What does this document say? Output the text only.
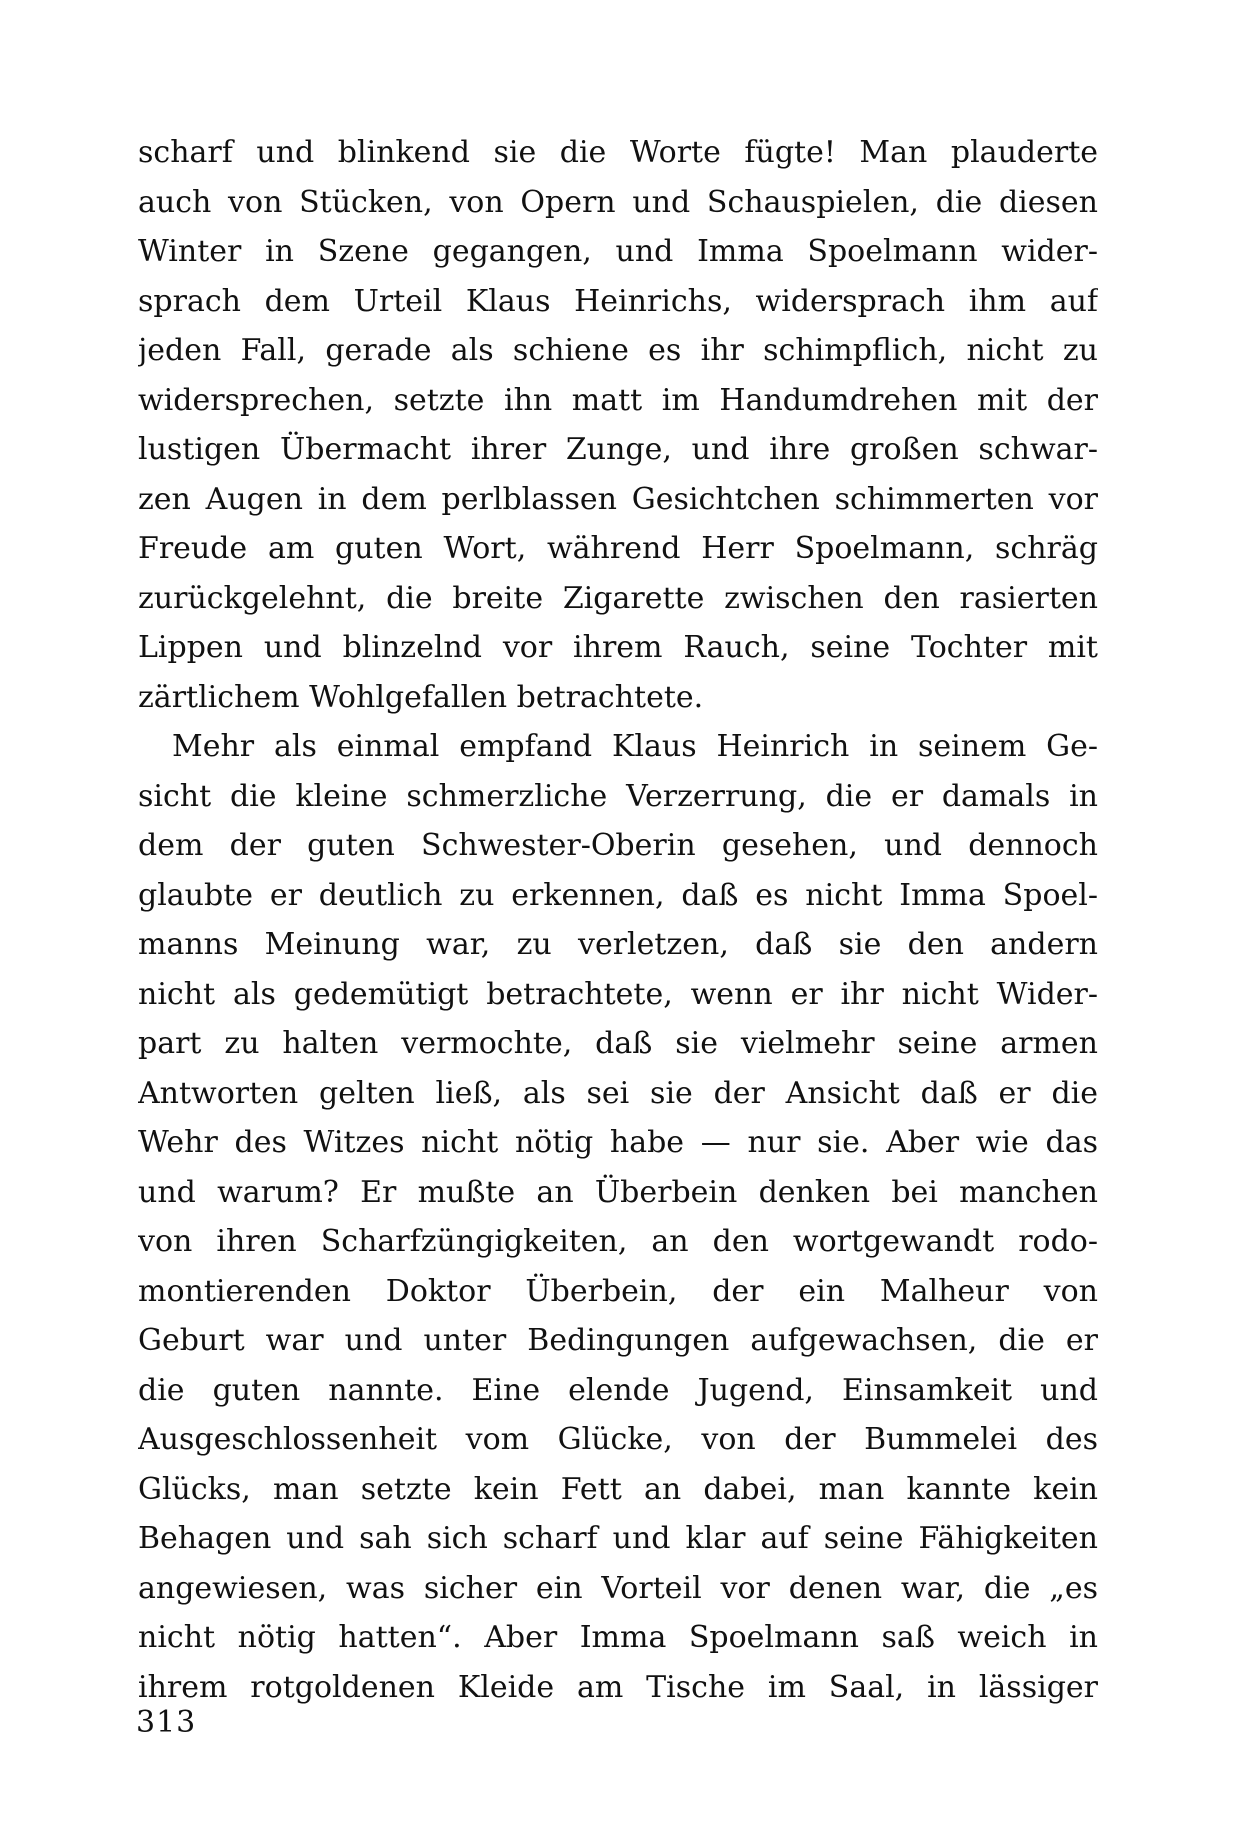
scharf und blinkend sie die Worte fügte! Man plauderte
auch von Stücken, von Opern und Schauspielen, die diesen
Winter in Szene gegangen, und Imma Spoelmann wider-
sprach dem Urteil Klaus Heinrichs, widersprach ihm auf
jeden Fall, gerade als schiene es ihr schimpflich, nicht zu
widersprechen, setzte ihn matt im Handumdrehen mit der
lustigen Übermacht ihrer Zunge, und ihre großen schwar-
zen Augen in dem perlblassen Gesichtchen schimmerten vor
Freude am guten Wort, während Herr Spoelmann, schräg
zurückgelehnt, die breite Zigarette zwischen den rasierten
Lippen und blinzelnd vor ihrem Rauch, seine Tochter mit
zärtlichem Wohlgefallen betrachtete.
Mehr als einmal empfand Klaus Heinrich in seinem Ge-
sicht die kleine schmerzliche Verzerrung, die er damals in
dem der guten Schwester-Oberin gesehen, und dennoch
glaubte er deutlich zu erkennen, daß es nicht Imma Spoel-
manns Meinung war, zu verletzen, daß sie den andern
nicht als gedemütigt betrachtete, wenn er ihr nicht Wider-
part zu halten vermochte, daß sie vielmehr seine armen
Antworten gelten ließ, als sei sie der Ansicht daß er die
Wehr des Witzes nicht nötig habe — nur sie. Aber wie das
und warum? Er mußte an Überbein denken bei manchen
von ihren Scharfzüngigkeiten, an den wortgewandt rodo-
montierenden Doktor Überbein, der ein Malheur von
Geburt war und unter Bedingungen aufgewachsen, die er
die guten nannte. Eine elende Jugend, Einsamkeit und
Ausgeschlossenheit vom Glücke, von der Bummelei des
Glücks, man setzte kein Fett an dabei, man kannte kein
Behagen und sah sich scharf und klar auf seine Fähigkeiten
angewiesen, was sicher ein Vorteil vor denen war, die „es
nicht nötig hatten“. Aber Imma Spoelmann saß weich in
ihrem rotgoldenen Kleide am Tische im Saal, in lässiger
313
